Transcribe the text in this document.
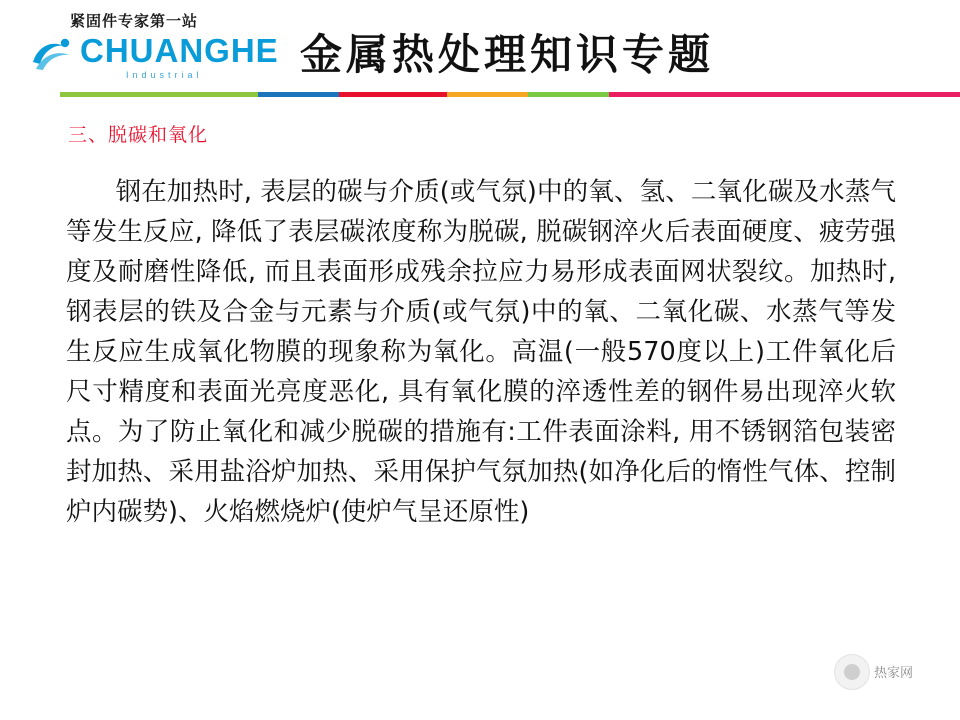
紧固件专家第一站
CHUANGHE
Industrial 金属热处理知识专题
三、脱碳和氧化
钢在加热时, 表层的碳与介质(或气氛)中的氧、氢、二氧化碳及水蒸气等发生反应, 降低了表层碳浓度称为脱碳, 脱碳钢淬火后表面硬度、疲劳强度及耐磨性降低, 而且表面形成残余拉应力易形成表面网状裂纹。加热时, 钢表层的铁及合金与元素与介质(或气氛)中的氧、二氧化碳、水蒸气等发生反应生成氧化物膜的现象称为氧化。高温(一般570度以上)工件氧化后尺寸精度和表面光亮度恶化, 具有氧化膜的淬透性差的钢件易出现淬火软点。为了防止氧化和减少脱碳的措施有:工件表面涂料, 用不锈钢箔包装密封加热、采用盐浴炉加热、采用保护气氛加热(如净化后的惰性气体、控制炉内碳势)、火焰燃烧炉(使炉气呈还原性)
热家网
